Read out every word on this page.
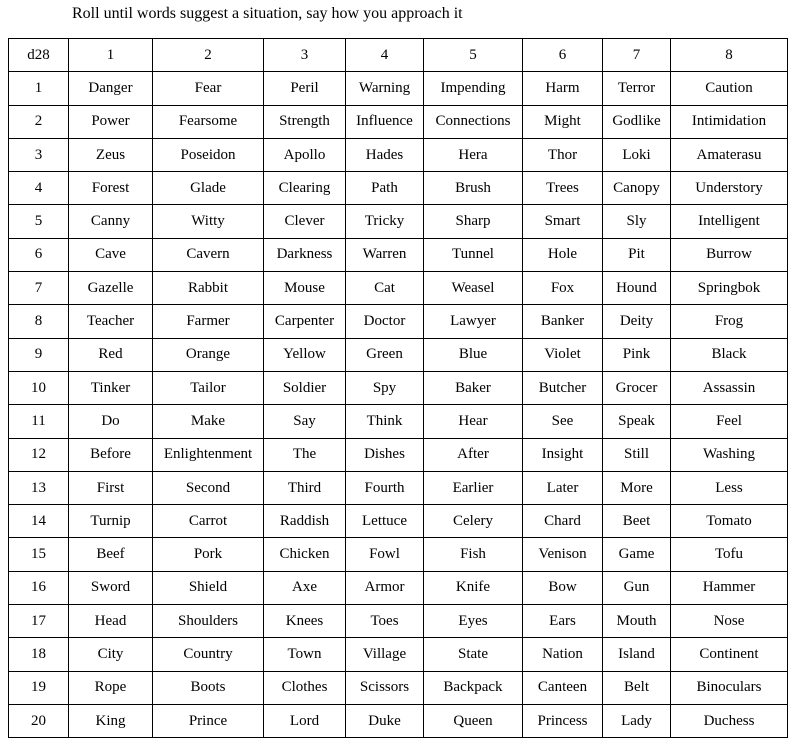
Roll until words suggest a situation, say how you approach it
d28	1	2	3	4	5	6	7	8
1	Danger	Fear	Peril	Warning	Impending	Harm	Terror	Caution
2	Power	Fearsome	Strength	Influence	Connections	Might	Godlike	Intimidation
3	Zeus	Poseidon	Apollo	Hades	Hera	Thor	Loki	Amaterasu
4	Forest	Glade	Clearing	Path	Brush	Trees	Canopy	Understory
5	Canny	Witty	Clever	Tricky	Sharp	Smart	Sly	Intelligent
6	Cave	Cavern	Darkness	Warren	Tunnel	Hole	Pit	Burrow
7	Gazelle	Rabbit	Mouse	Cat	Weasel	Fox	Hound	Springbok
8	Teacher	Farmer	Carpenter	Doctor	Lawyer	Banker	Deity	Frog
9	Red	Orange	Yellow	Green	Blue	Violet	Pink	Black
10	Tinker	Tailor	Soldier	Spy	Baker	Butcher	Grocer	Assassin
11	Do	Make	Say	Think	Hear	See	Speak	Feel
12	Before	Enlightenment	The	Dishes	After	Insight	Still	Washing
13	First	Second	Third	Fourth	Earlier	Later	More	Less
14	Turnip	Carrot	Raddish	Lettuce	Celery	Chard	Beet	Tomato
15	Beef	Pork	Chicken	Fowl	Fish	Venison	Game	Tofu
16	Sword	Shield	Axe	Armor	Knife	Bow	Gun	Hammer
17	Head	Shoulders	Knees	Toes	Eyes	Ears	Mouth	Nose
18	City	Country	Town	Village	State	Nation	Island	Continent
19	Rope	Boots	Clothes	Scissors	Backpack	Canteen	Belt	Binoculars
20	King	Prince	Lord	Duke	Queen	Princess	Lady	Duchess
